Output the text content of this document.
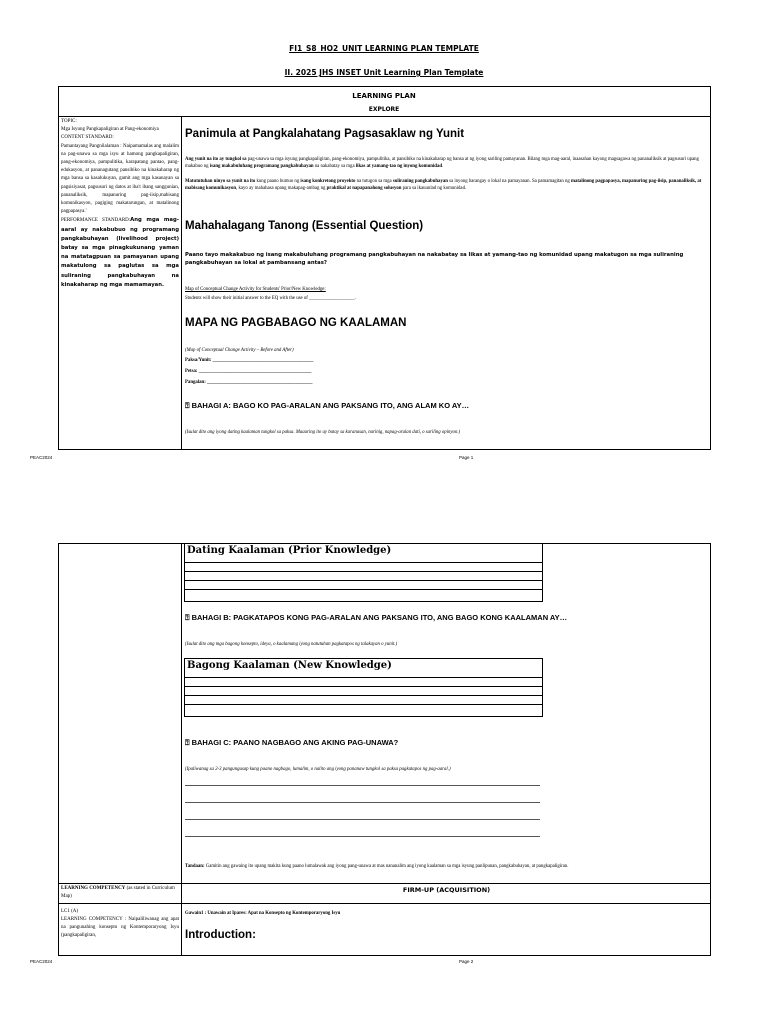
FI1_S8_HO2_UNIT LEARNING PLAN TEMPLATE
II. 2025 JHS INSET Unit Learning Plan Template
LEARNING PLAN
EXPLORE
TOPIC:
Mga Isyung Pangkapaligiran at Pang-ekonomiya
CONTENT STANDARD:
Pamantayang Pangnilalaman : Naipamamalas ang malalim na pag-unawa sa mga isyu at hamong pangkapaligiran, pang-ekonomiya, pampulitika, karapatang pantao, pang-edukasyon, at pananagutang pansibiko na kinakaharap ng mga bansa sa kasalukuyan, gamit ang mga kasanayan sa pagsisiyasat, pagsusuri ng datos at iba't ibang sanggunian, pananaliksik, mapanuring pag-iisip,mabisang komunikasyon, pagiging makatarungan, at matalinong pagpapasya.'
PERFORMANCE STANDARD:Ang mga mag-aaral ay nakabubuo ng programang pangkabuhayan (livelihood project) batay sa mga pinagkukunang yaman na matatagpuan sa pamayanan upang makatulong sa paglutas sa mga suliraning pangkabuhayan na kinakaharap ng mga mamamayan.
Panimula at Pangkalahatang Pagsasaklaw ng Yunit
Ang yunit na ito ay tungkol sa pag-unawa sa mga isyung pangkapaligiran, pang-ekonomiya, pampulitika, at pansibiko na kinakaharap ng bansa at ng iyong sariling pamayanan. Bilang mga mag-aaral, inaasahan kayong magsagawa ng pananaliksik at pagsusuri upang makabuo ng isang makabuluhang programang pangkabuhayan na nakabatay sa mga likas at yamang-tao ng inyong komunidad.
Matututuhan ninyo sa yunit na ito kung paano bumuo ng isang konkretong proyekto na tutugon sa mga suliraning pangkabuhayan sa inyong barangay o lokal na pamayanan. Sa pamamagitan ng matalinong pagpapasya, mapanuring pag-iisip, pananaliksik, at mabisang komunikasyon, kayo ay mahahasa upang makapag-ambag ng praktikal at napapanahong solusyon para sa ikauunlad ng komunidad.
Mahahalagang Tanong (Essential Question)
Paano tayo makakabuo ng isang makabuluhang programang pangkabuhayan na nakabatay sa likas at yamang-tao ng komunidad upang makatugon sa mga suliraning pangkabuhayan sa lokal at pambansang antas?
Map of Conceptual Change Activity for Students' Prior/New Knowledge:
Students will show their initial answer to the EQ with the use of ___________________.
MAPA NG PAGBABAGO NG KAALAMAN
(Map of Conceptual Change Activity – Before and After)
Paksa/Yunit: __________________________________________
Petsa: _______________________________________________
Pangalan: ____________________________________________
⍰ BAHAGI A: BAGO KO PAG-ARALAN ANG PAKSANG ITO, ANG ALAM KO AY…
(Isulat dito ang iyong dating kaalaman tungkol sa paksa. Maaaring ito ay batay sa karanasan, narinig, napag-aralan dati, o sariling opinyon.)
PEAC2024	Page 1
Dating Kaalaman (Prior Knowledge)
⍰ BAHAGI B: PAGKATAPOS KONG PAG-ARALAN ANG PAKSANG ITO, ANG BAGO KONG KAALAMAN AY…
(Isulat dito ang mga bagong konsepto, ideya, o kaalamang iyong natutuhan pagkatapos ng talakayan o yunit.)
Bagong Kaalaman (New Knowledge)
⍰ BAHAGI C: PAANO NAGBAGO ANG AKING PAG-UNAWA?
(Ipaliwanag sa 2-3 pangungusap kung paano nagbago, lumalim, o nalito ang iyong pananaw tungkol sa paksa pagkatapos ng pag-aaral.)
Tandaan: Gamitin ang gawaing ito upang makita kung paano lumalawak ang iyong pang-unawa at mas nananalim ang iyong kaalaman sa mga isyung panlipunan, pangkabuhayan, at pangkapaligiran.
LEARNING COMPETENCY (as stated in Curriculum Map)
FIRM-UP (ACQUISITION)
LC1 (A)
LEARNING COMPETENCY : Naipaliliwanag ang apat na pangunahing konsepto ng Kontemporaryong Isyu (pangkapaligiran,
Gawain1 : Unawain at Ipares: Apat na Konsepto ng Kontemporaryong Isyu
Introduction:
PEAC2024	Page 2
